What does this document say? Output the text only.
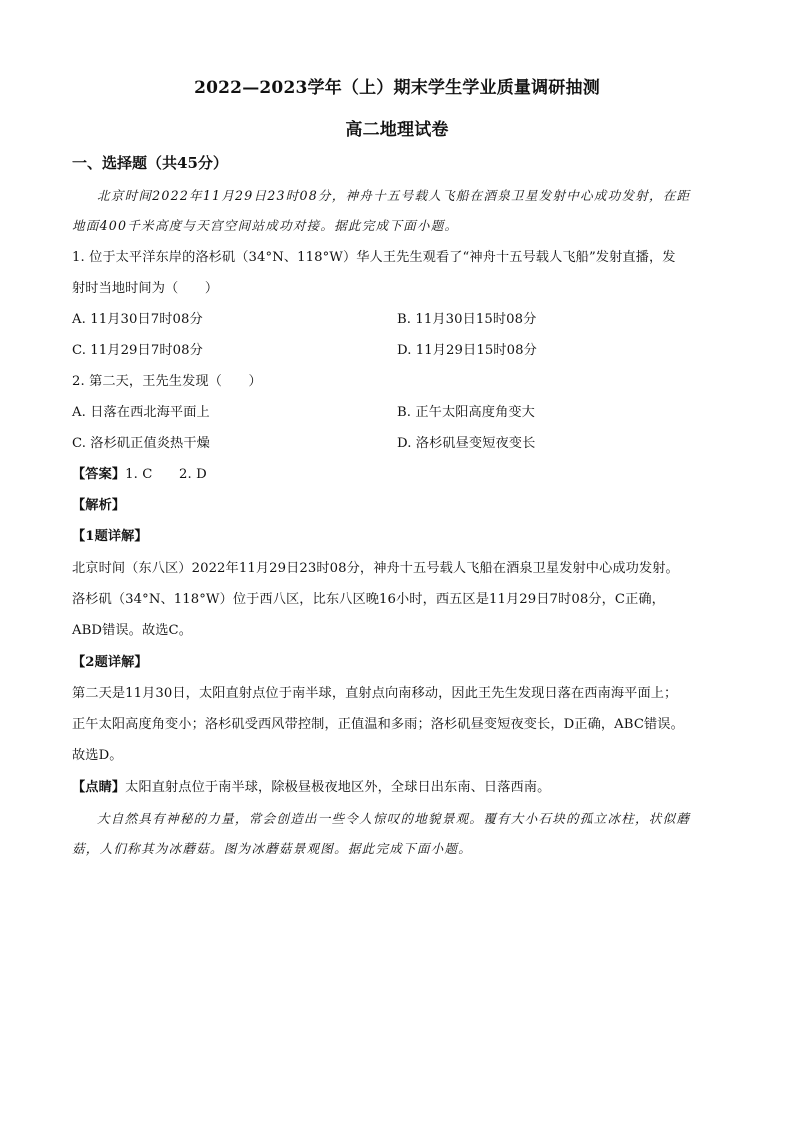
2022—2023学年（上）期末学生学业质量调研抽测
高二地理试卷
一、选择题（共45分）
北京时间2022年11月29日23时08分，神舟十五号载人飞船在酒泉卫星发射中心成功发射，在距
地面400千米高度与天宫空间站成功对接。据此完成下面小题。
1. 位于太平洋东岸的洛杉矶（34°N、118°W）华人王先生观看了“神舟十五号载人飞船”发射直播，发
射时当地时间为（　　）
A. 11月30日7时08分	B. 11月30日15时08分
C. 11月29日7时08分	D. 11月29日15时08分
2. 第二天，王先生发现（　　）
A. 日落在西北海平面上	B. 正午太阳高度角变大
C. 洛杉矶正值炎热干燥	D. 洛杉矶昼变短夜变长
【答案】1. C　　2. D
【解析】
【1题详解】
北京时间（东八区）2022年11月29日23时08分，神舟十五号载人飞船在酒泉卫星发射中心成功发射。
洛杉矶（34°N、118°W）位于西八区，比东八区晚16小时，西五区是11月29日7时08分，C正确，
ABD错误。故选C。
【2题详解】
第二天是11月30日，太阳直射点位于南半球，直射点向南移动，因此王先生发现日落在西南海平面上；
正午太阳高度角变小；洛杉矶受西风带控制，正值温和多雨；洛杉矶昼变短夜变长，D正确，ABC错误。
故选D。
【点睛】太阳直射点位于南半球，除极昼极夜地区外，全球日出东南、日落西南。
大自然具有神秘的力量，常会创造出一些令人惊叹的地貌景观。覆有大小石块的孤立冰柱，状似蘑
菇，人们称其为冰蘑菇。图为冰蘑菇景观图。据此完成下面小题。
